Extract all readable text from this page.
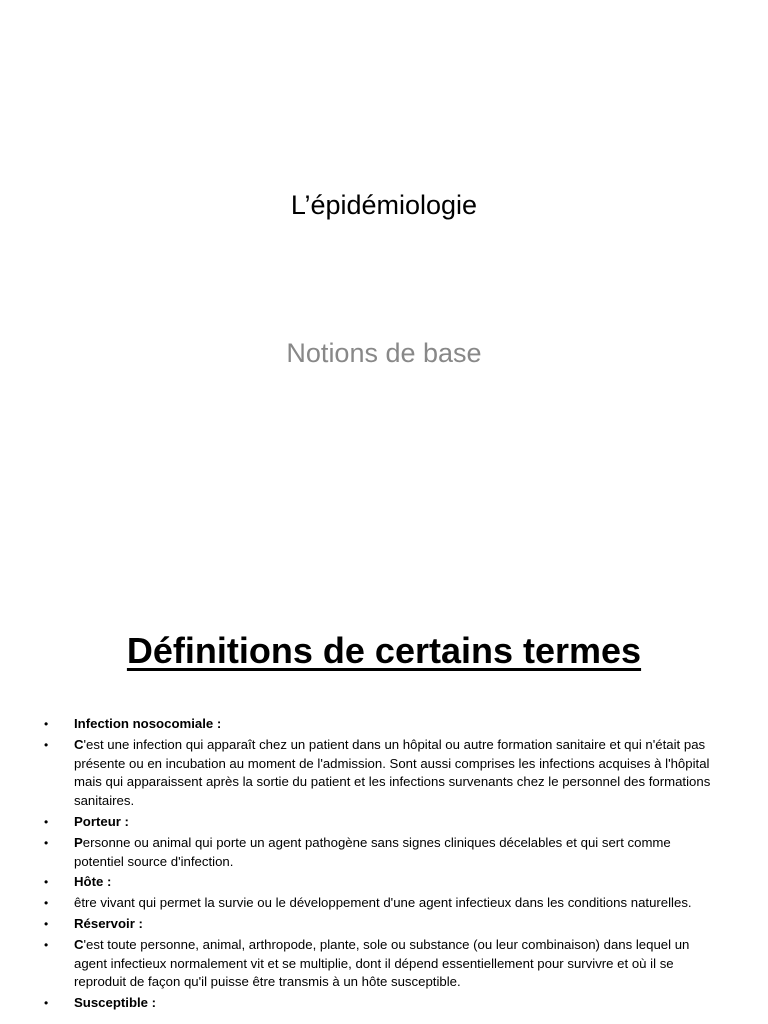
L’épidémiologie
Notions de base
Définitions de certains termes
• Infection nosocomiale :
• C'est une infection qui apparaît chez un patient dans un hôpital ou autre formation sanitaire et qui n'était pas présente ou en incubation au moment de l'admission. Sont aussi comprises les infections acquises à l'hôpital mais qui apparaissent après la sortie du patient et les infections survenants chez le personnel des formations sanitaires.
• Porteur :
• Personne ou animal qui porte un agent pathogène sans signes cliniques décelables et qui sert comme potentiel source d'infection.
• Hôte :
• être vivant qui permet la survie ou le développement d'une agent infectieux dans les conditions naturelles.
• Réservoir :
• C'est toute personne, animal, arthropode, plante, sole ou substance (ou leur combinaison) dans lequel un agent infectieux normalement vit et se multiplie, dont il dépend essentiellement pour survivre et où il se reproduit de façon qu'il puisse être transmis à un hôte susceptible.
• Susceptible :
